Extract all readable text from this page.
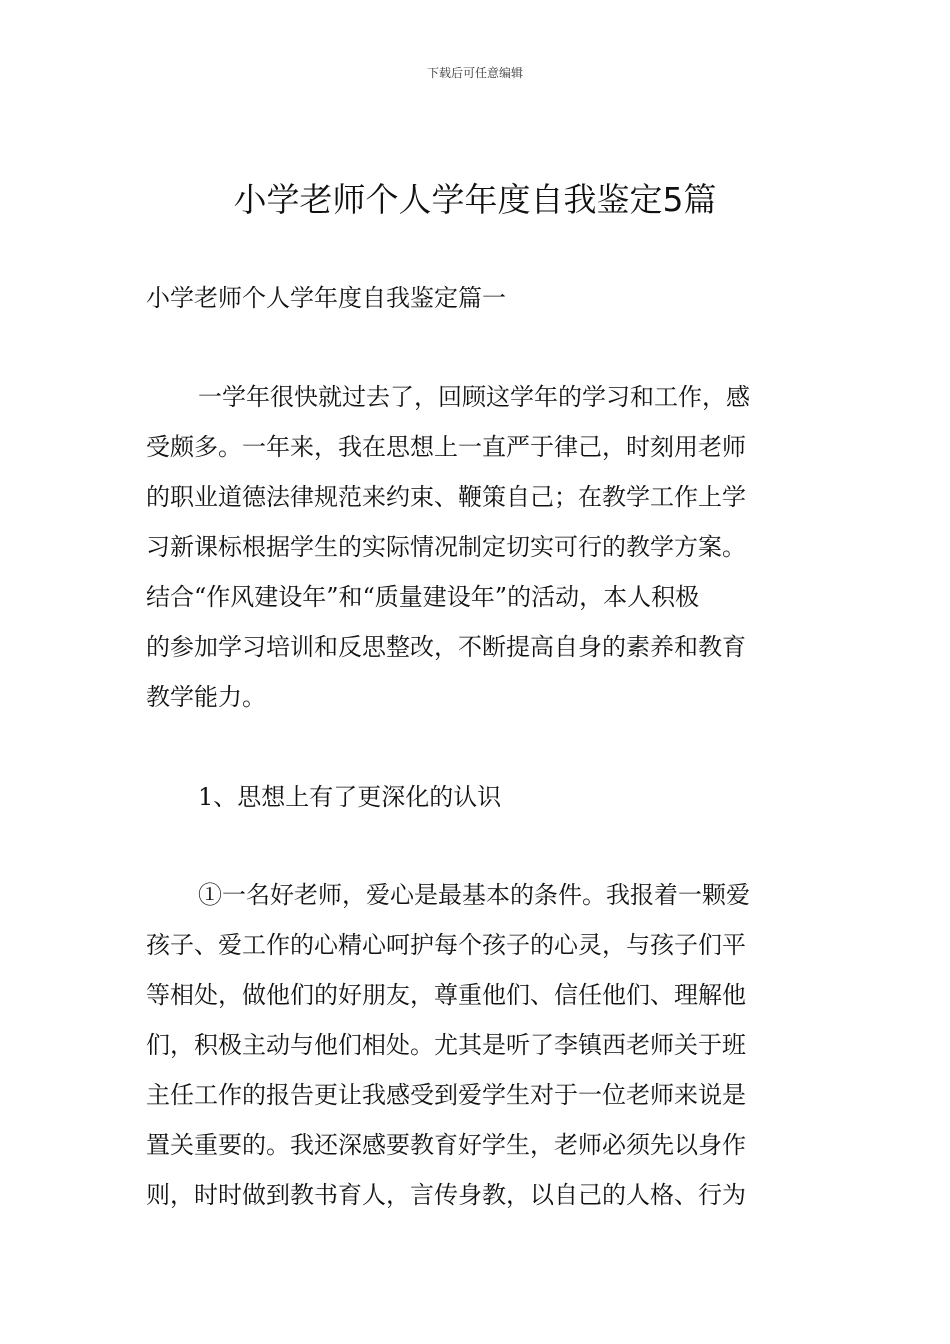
下载后可任意编辑
小学老师个人学年度自我鉴定5篇
小学老师个人学年度自我鉴定篇一
一学年很快就过去了，回顾这学年的学习和工作，感
受颇多。一年来，我在思想上一直严于律己，时刻用老师
的职业道德法律规范来约束、鞭策自己；在教学工作上学
习新课标根据学生的实际情况制定切实可行的教学方案。
结合“作风建设年”和“质量建设年”的活动，本人积极
的参加学习培训和反思整改，不断提高自身的素养和教育
教学能力。
1、思想上有了更深化的认识
①一名好老师，爱心是最基本的条件。我报着一颗爱
孩子、爱工作的心精心呵护每个孩子的心灵，与孩子们平
等相处，做他们的好朋友，尊重他们、信任他们、理解他
们，积极主动与他们相处。尤其是听了李镇西老师关于班
主任工作的报告更让我感受到爱学生对于一位老师来说是
置关重要的。我还深感要教育好学生，老师必须先以身作
则，时时做到教书育人，言传身教，以自己的人格、行为
